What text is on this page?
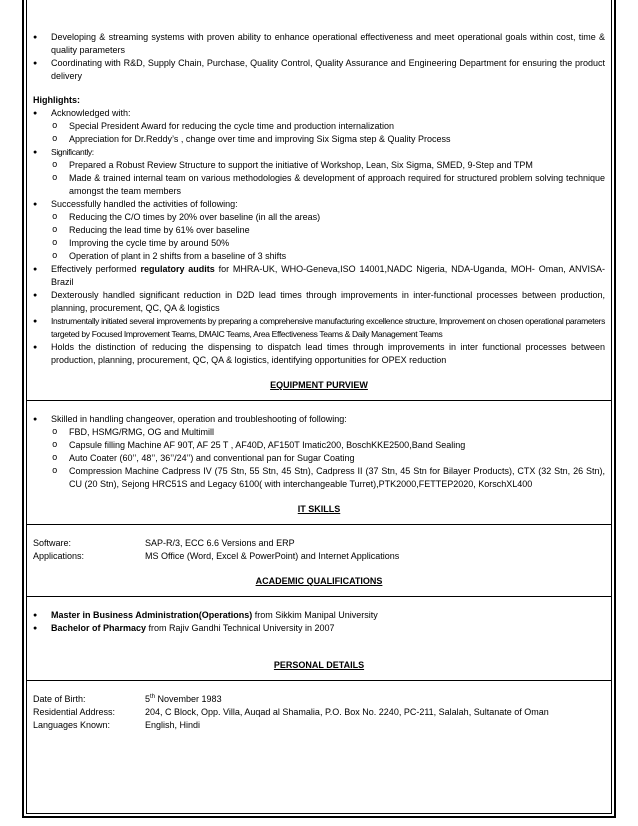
● Developing & streaming systems with proven ability to enhance operational effectiveness and meet operational goals within cost, time & quality parameters
● Coordinating with R&D, Supply Chain, Purchase, Quality Control, Quality Assurance and Engineering Department for ensuring the product delivery
Highlights:
● Acknowledged with:
o Special President Award for reducing the cycle time and production internalization
o Appreciation for Dr.Reddy’s , change over time and improving Six Sigma step & Quality Process
● Significantly:
o Prepared a Robust Review Structure to support the initiative of Workshop, Lean, Six Sigma, SMED, 9-Step and TPM
o Made & trained internal team on various methodologies & development of approach required for structured problem solving technique amongst the team members
● Successfully handled the activities of following:
o Reducing the C/O times by 20% over baseline (in all the areas)
o Reducing the lead time by 61% over baseline
o Improving the cycle time by around 50%
o Operation of plant in 2 shifts from a baseline of 3 shifts
● Effectively performed regulatory audits for MHRA-UK, WHO-Geneva,ISO 14001,NADC Nigeria, NDA-Uganda, MOH- Oman, ANVISA-Brazil
● Dexterously handled significant reduction in D2D lead times through improvements in inter-functional processes between production, planning, procurement, QC, QA & logistics
● Instrumentally initiated several improvements by preparing a comprehensive manufacturing excellence structure, Improvement on chosen operational parameters targeted by Focused Improvement Teams, DMAIC Teams, Area Effectiveness Teams & Daily Management Teams
● Holds the distinction of reducing the dispensing to dispatch lead times through improvements in inter functional processes between production, planning, procurement, QC, QA & logistics, identifying opportunities for OPEX reduction
EQUIPMENT PURVIEW
● Skilled in handling changeover, operation and troubleshooting of following:
o FBD, HSMG/RMG, OG and Multimill
o Capsule filling Machine AF 90T, AF 25 T , AF40D, AF150T Imatic200, BoschKKE2500,Band Sealing
o Auto Coater (60’’, 48’’, 36’’/24’’) and conventional pan for Sugar Coating
o Compression Machine Cadpress IV (75 Stn, 55 Stn, 45 Stn), Cadpress II (37 Stn, 45 Stn for Bilayer Products), CTX (32 Stn, 26 Stn), CU (20 Stn), Sejong HRC51S and Legacy 6100( with interchangeable Turret),PTK2000,FETTEP2020, KorschXL400
IT SKILLS
Software:	SAP-R/3, ECC 6.6 Versions and ERP
Applications:	MS Office (Word, Excel & PowerPoint) and Internet Applications
ACADEMIC QUALIFICATIONS
● Master in Business Administration(Operations) from Sikkim Manipal University
● Bachelor of Pharmacy from Rajiv Gandhi Technical University in 2007
PERSONAL DETAILS
Date of Birth:	5th November 1983
Residential Address:	204, C Block, Opp. Villa, Auqad al Shamalia, P.O. Box No. 2240, PC-211, Salalah, Sultanate of Oman
Languages Known:	English, Hindi
